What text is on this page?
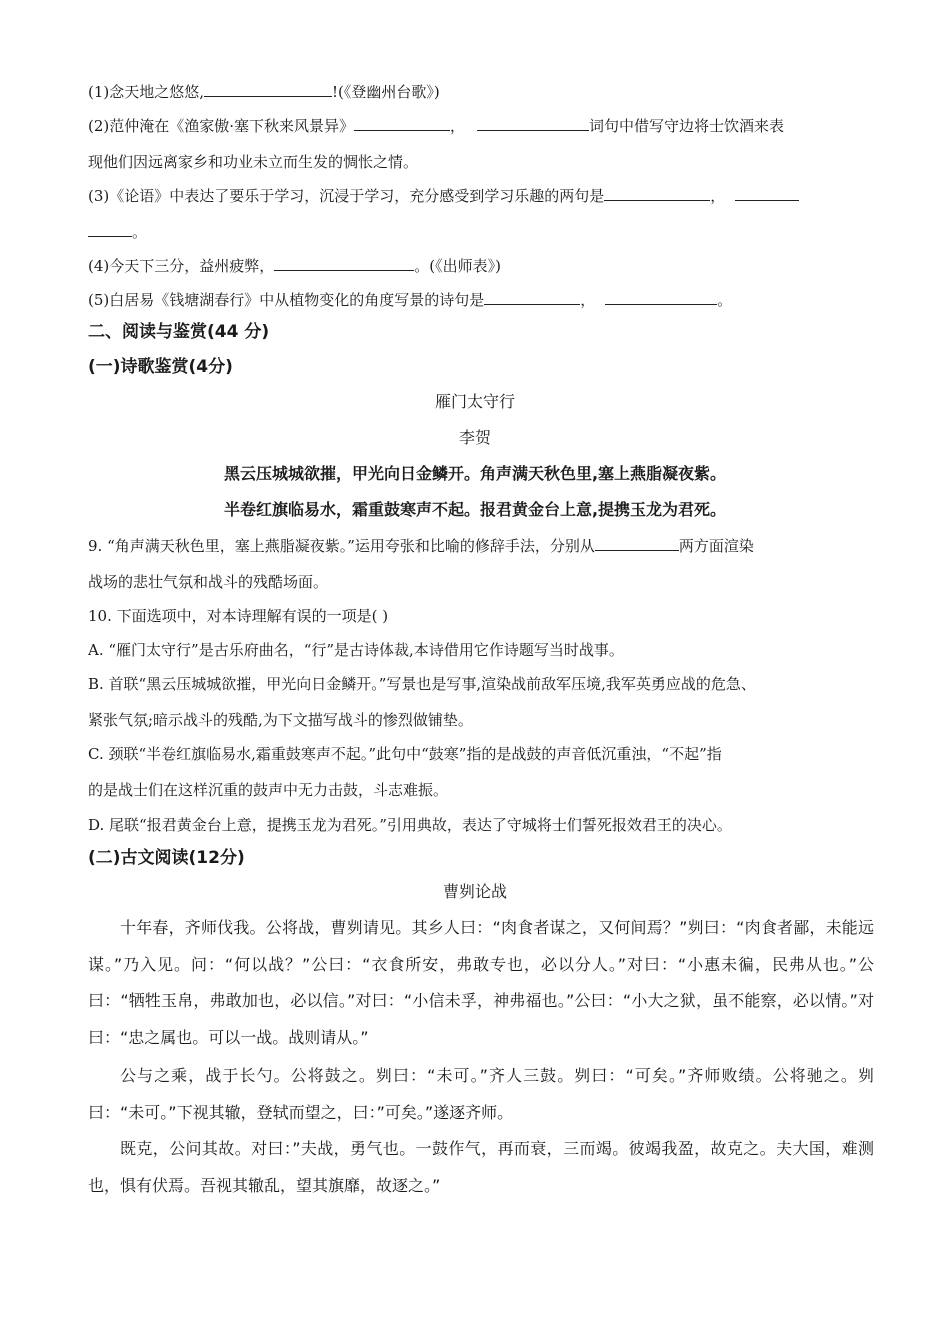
(1)念天地之悠悠,	!(《登幽州台歌》)
(2)范仲淹在《渔家傲·塞下秋来风景异》	，	词句中借写守边将士饮酒来表
现他们因远离家乡和功业未立而生发的惆怅之情。
(3)《论语》中表达了要乐于学习，沉浸于学习，充分感受到学习乐趣的两句是	，
。
(4)今天下三分，益州疲弊，	。(《出师表》)
(5)白居易《钱塘湖春行》中从植物变化的角度写景的诗句是	，	。
二、阅读与鉴赏(44 分)
(一)诗歌鉴赏(4分)
雁门太守行
李贺
黑云压城城欲摧，甲光向日金鳞开。角声满天秋色里,塞上燕脂凝夜紫。
半卷红旗临易水，霜重鼓寒声不起。报君黄金台上意,提携玉龙为君死。
9. “角声满天秋色里，塞上燕脂凝夜紫。”运用夸张和比喻的修辞手法，分别从	两方面渲染
战场的悲壮气氛和战斗的残酷场面。
10. 下面选项中，对本诗理解有误的一项是( )
A. “雁门太守行”是古乐府曲名，“行”是古诗体裁,本诗借用它作诗题写当时战事。
B. 首联“黑云压城城欲摧，甲光向日金鳞开。”写景也是写事,渲染战前敌军压境,我军英勇应战的危急、
紧张气氛;暗示战斗的残酷,为下文描写战斗的惨烈做铺垫。
C. 颈联“半卷红旗临易水,霜重鼓寒声不起。”此句中“鼓寒”指的是战鼓的声音低沉重浊，“不起”指
的是战士们在这样沉重的鼓声中无力击鼓，斗志难振。
D. 尾联“报君黄金台上意，提携玉龙为君死。”引用典故，表达了守城将士们誓死报效君王的决心。
(二)古文阅读(12分)
曹刿论战
十年春，齐师伐我。公将战，曹刿请见。其乡人曰：“肉食者谋之，又何间焉？”刿曰：“肉食者鄙，未能远谋。”乃入见。问：“何以战？”公曰：“衣食所安，弗敢专也，必以分人。”对曰：“小惠未徧，民弗从也。”公曰：“牺牲玉帛，弗敢加也，必以信。”对曰：“小信未孚，神弗福也。”公曰：“小大之狱，虽不能察，必以情。”对曰：“忠之属也。可以一战。战则请从。”
公与之乘，战于长勺。公将鼓之。刿曰：“未可。”齐人三鼓。刿曰：“可矣。”齐师败绩。公将驰之。刿曰：“未可。”下视其辙，登轼而望之，曰：”可矣。”遂逐齐师。
既克，公问其故。对曰：”夫战，勇气也。一鼓作气，再而衰，三而竭。彼竭我盈，故克之。夫大国，难测也，惧有伏焉。吾视其辙乱，望其旗靡，故逐之。”
